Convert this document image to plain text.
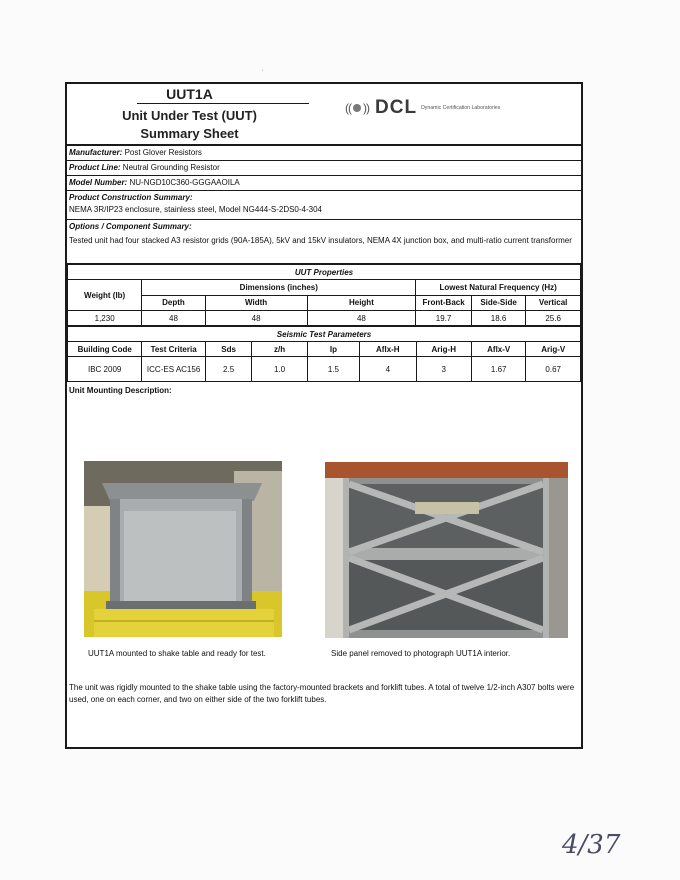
'
UUT1A
Unit Under Test (UUT)
Summary Sheet
(( )) DCL Dynamic Certification Laboratories
Manufacturer: Post Glover Resistors
Product Line: Neutral Grounding Resistor
Model Number: NU-NGD10C360-GGGAAOILA
Product Construction Summary:
NEMA 3R/IP23 enclosure, stainless steel, Model NG444-S-2DS0-4-304
Options / Component Summary:
Tested unit had four stacked A3 resistor grids (90A-185A), 5kV and 15kV insulators, NEMA 4X junction box, and multi-ratio current transformer
UUT Properties						
Weight (lb)	Dimensions (inches)			Lowest Natural Frequency (Hz)		
	Depth	Width	Height	Front-Back	Side-Side	Vertical
1,230	48	48	48	19.7	18.6	25.6
Seismic Test Parameters								
Building Code	Test Criteria	Sds	z/h	Ip	Aflx-H	Arig-H	Aflx-V	Arig-V
IBC 2009	ICC-ES AC156	2.5	1.0	1.5	4	3	1.67	0.67
Unit Mounting Description:
UUT1A mounted to shake table and ready for test.	Side panel removed to photograph UUT1A interior.
The unit was rigidly mounted to the shake table using the factory-mounted brackets and forklift tubes. A total of twelve 1/2-inch A307 bolts were used, one on each corner, and two on either side of the two forklift tubes.
4/37
